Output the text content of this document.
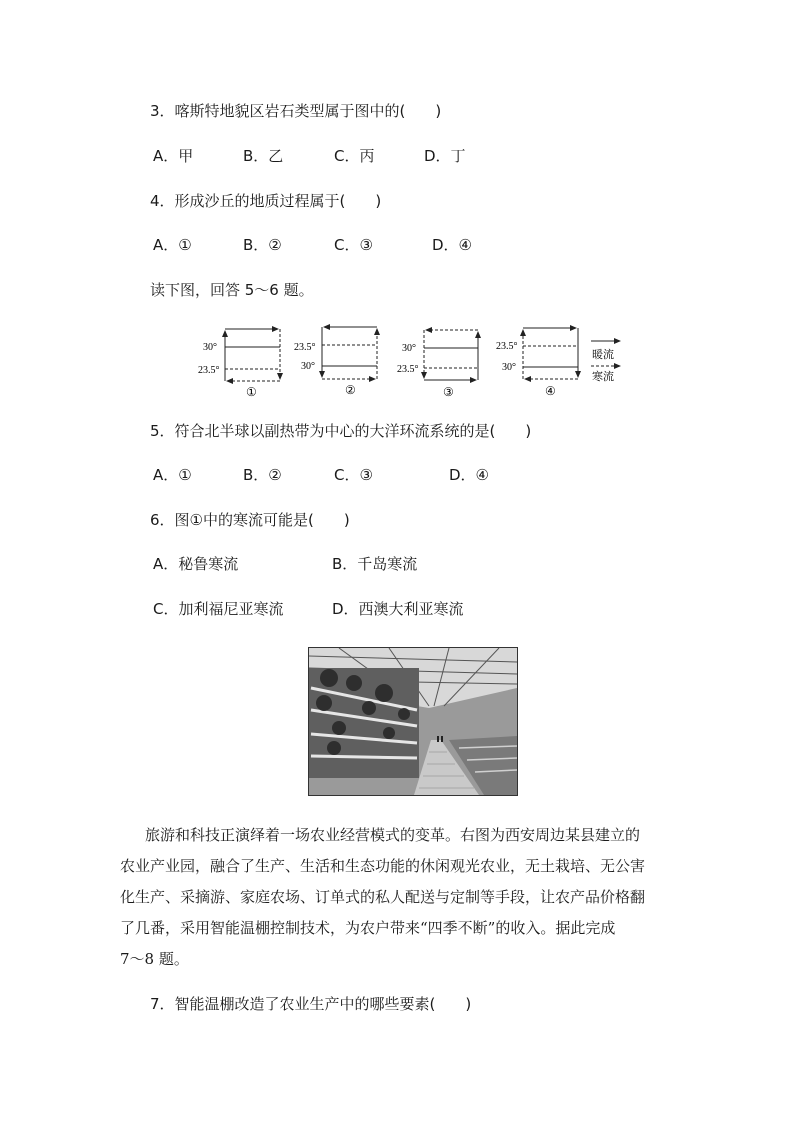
3．喀斯特地貌区岩石类型属于图中的(　　)
A．甲	B．乙	C．丙	D．丁
4．形成沙丘的地质过程属于(　　)
A．①	B．②	C．③	D．④
读下图，回答 5～6 题。
30°
23.5°
①
23.5°
30°
②
30°
23.5°
③
23.5°
30°
④
暖流
寒流
5．符合北半球以副热带为中心的大洋环流系统的是(　　)
A．①	B．②	C．③	D．④
6．图①中的寒流可能是(　　)
A．秘鲁寒流	B．千岛寒流
C．加利福尼亚寒流	D．西澳大利亚寒流
旅游和科技正演绎着一场农业经营模式的变革。右图为西安周边某县建立的
农业产业园，融合了生产、生活和生态功能的休闲观光农业，无土栽培、无公害
化生产、采摘游、家庭农场、订单式的私人配送与定制等手段，让农产品价格翻
了几番，采用智能温棚控制技术，为农户带来“四季不断”的收入。据此完成
7～8 题。
7．智能温棚改造了农业生产中的哪些要素(　　)
